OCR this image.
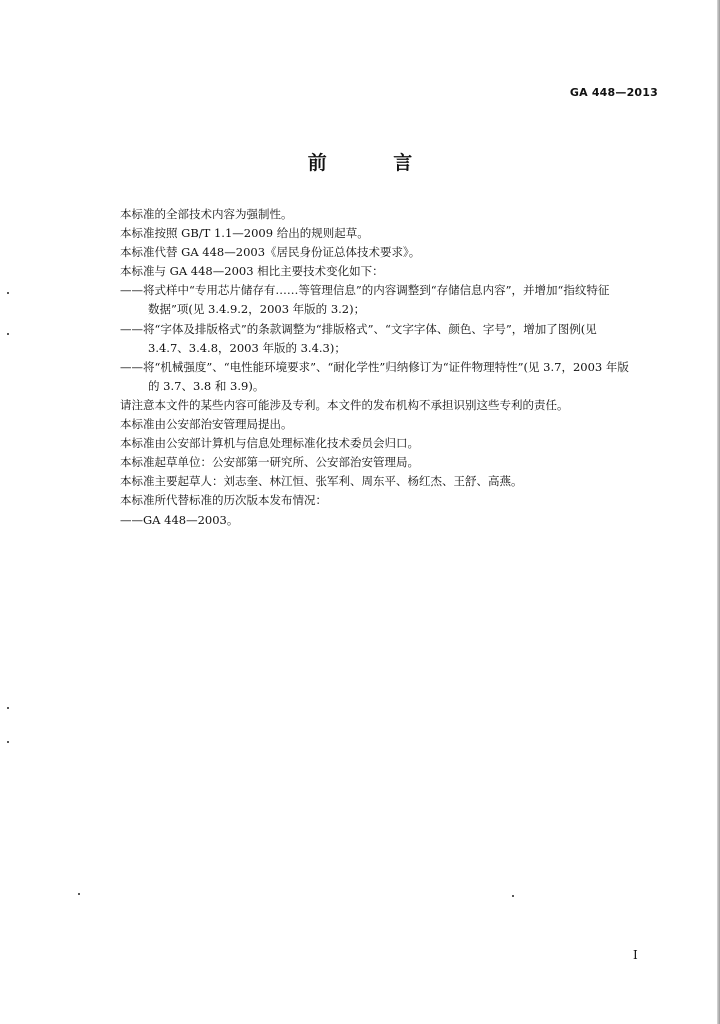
GA 448—2013
前 言
本标准的全部技术内容为强制性。
本标准按照 GB/T 1.1—2009 给出的规则起草。
本标准代替 GA 448—2003《居民身份证总体技术要求》。
本标准与 GA 448—2003 相比主要技术变化如下：
——将式样中“专用芯片储存有……等管理信息”的内容调整到“存储信息内容”，并增加“指纹特征
数据”项(见 3.4.9.2，2003 年版的 3.2)；
——将“字体及排版格式”的条款调整为“排版格式”、“文字字体、颜色、字号”，增加了图例(见
3.4.7、3.4.8，2003 年版的 3.4.3)；
——将“机械强度”、“电性能环境要求”、“耐化学性”归纳修订为“证件物理特性”(见 3.7，2003 年版
的 3.7、3.8 和 3.9)。
请注意本文件的某些内容可能涉及专利。本文件的发布机构不承担识别这些专利的责任。
本标准由公安部治安管理局提出。
本标准由公安部计算机与信息处理标准化技术委员会归口。
本标准起草单位：公安部第一研究所、公安部治安管理局。
本标准主要起草人：刘志奎、林江恒、张军利、周东平、杨红杰、王舒、高燕。
本标准所代替标准的历次版本发布情况：
——GA 448—2003。
I
